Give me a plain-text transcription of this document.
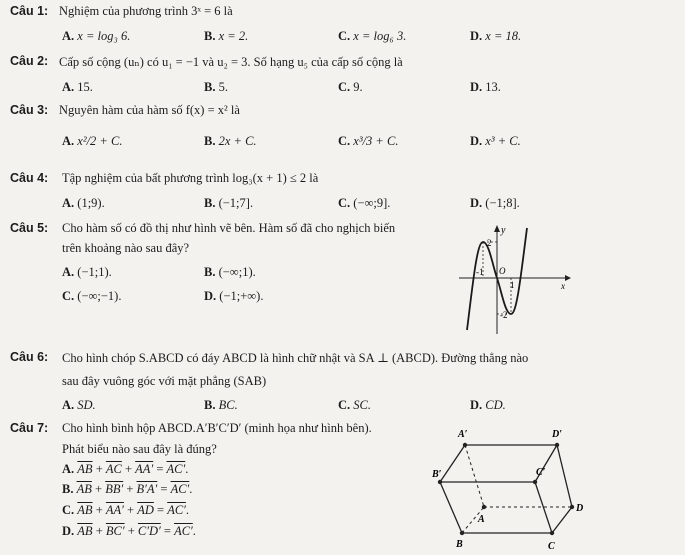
Câu 1: Nghiệm của phương trình 3ˣ = 6 là
A. x = log₃ 6.	B. x = 2.	C. x = log₆ 3.	D. x = 18.
Câu 2: Cấp số cộng (uₙ) có u₁ = −1 và u₂ = 3. Số hạng u₅ của cấp số cộng là
A. 15.	B. 5.	C. 9.	D. 13.
Câu 3: Nguyên hàm của hàm số f(x) = x² là
A. x²/2 + C.	B. 2x + C.	C. x³/3 + C.	D. x³ + C.
Câu 4: Tập nghiệm của bất phương trình log₃(x + 1) ≤ 2 là
A. (1;9).	B. (−1;7].	C. (−∞;9].	D. (−1;8].
Câu 5: Cho hàm số có đồ thị như hình vẽ bên. Hàm số đã cho nghịch biến
trên khoảng nào sau đây?
A. (−1;1).	B. (−∞;1).
C. (−∞;−1).	D. (−1;+∞).
y
x
O
2
-2
-1
1
Câu 6: Cho hình chóp S.ABCD có đáy ABCD là hình chữ nhật và SA ⊥ (ABCD). Đường thẳng nào
sau đây vuông góc với mặt phẳng (SAB)
A. SD.	B. BC.	C. SC.	D. CD.
Câu 7: Cho hình bình hộp ABCD.A′B′C′D′ (minh họa như hình bên).
Phát biểu nào sau đây là đúng?
A. $\overline{AB} + \overline{AC} + AA' = AC'$.
B. $\overline{AB} + BB' + B'A' = AC'$.
C. $\overline{AB} + AA' + \overline{AD} = AC'$.
D. $\overline{AB} + BC' + C'D' = AC'$.
A′	D′
C′
B′
A
D
C
B
